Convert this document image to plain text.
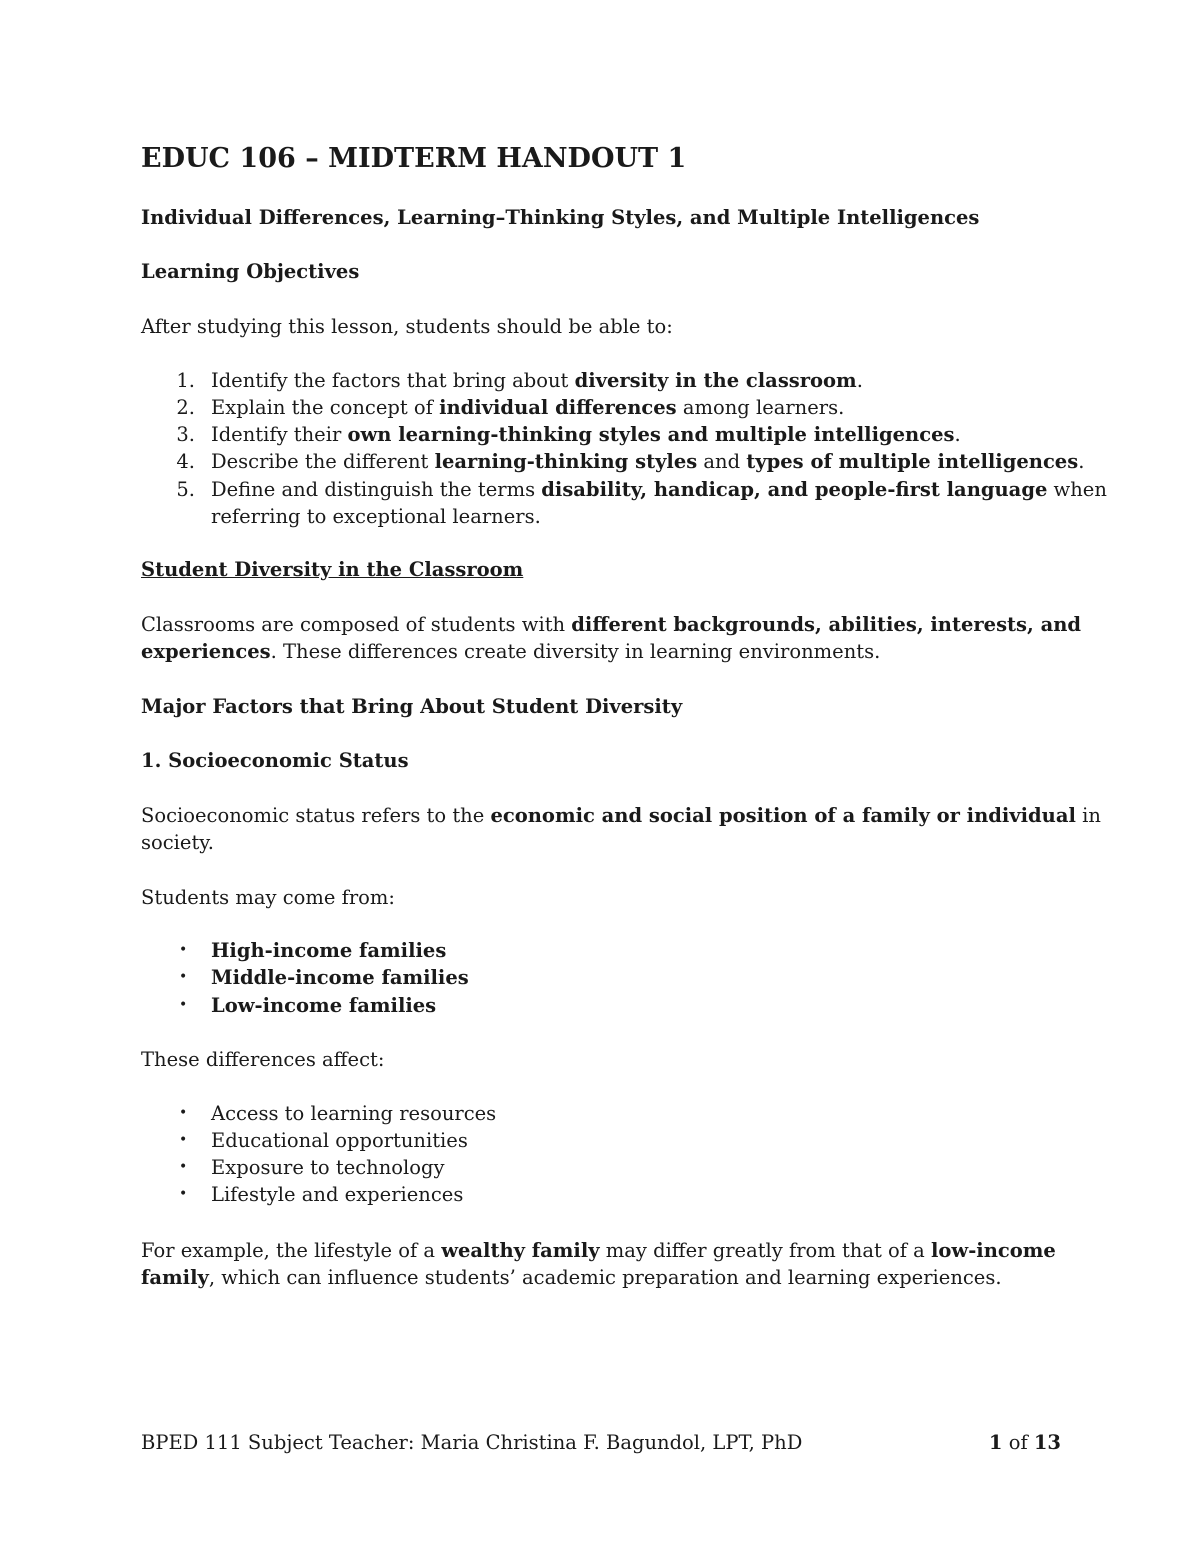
EDUC 106 – MIDTERM HANDOUT 1
Individual Differences, Learning–Thinking Styles, and Multiple Intelligences
Learning Objectives
After studying this lesson, students should be able to:
1. Identify the factors that bring about diversity in the classroom.
2. Explain the concept of individual differences among learners.
3. Identify their own learning-thinking styles and multiple intelligences.
4. Describe the different learning-thinking styles and types of multiple intelligences.
5. Define and distinguish the terms disability, handicap, and people-first language when
referring to exceptional learners.
Student Diversity in the Classroom
Classrooms are composed of students with different backgrounds, abilities, interests, and
experiences. These differences create diversity in learning environments.
Major Factors that Bring About Student Diversity
1. Socioeconomic Status
Socioeconomic status refers to the economic and social position of a family or individual in
society.
Students may come from:
• High-income families
• Middle-income families
• Low-income families
These differences affect:
• Access to learning resources
• Educational opportunities
• Exposure to technology
• Lifestyle and experiences
For example, the lifestyle of a wealthy family may differ greatly from that of a low-income
family, which can influence students’ academic preparation and learning experiences.
BPED 111 Subject Teacher: Maria Christina F. Bagundol, LPT, PhD	1 of 13
